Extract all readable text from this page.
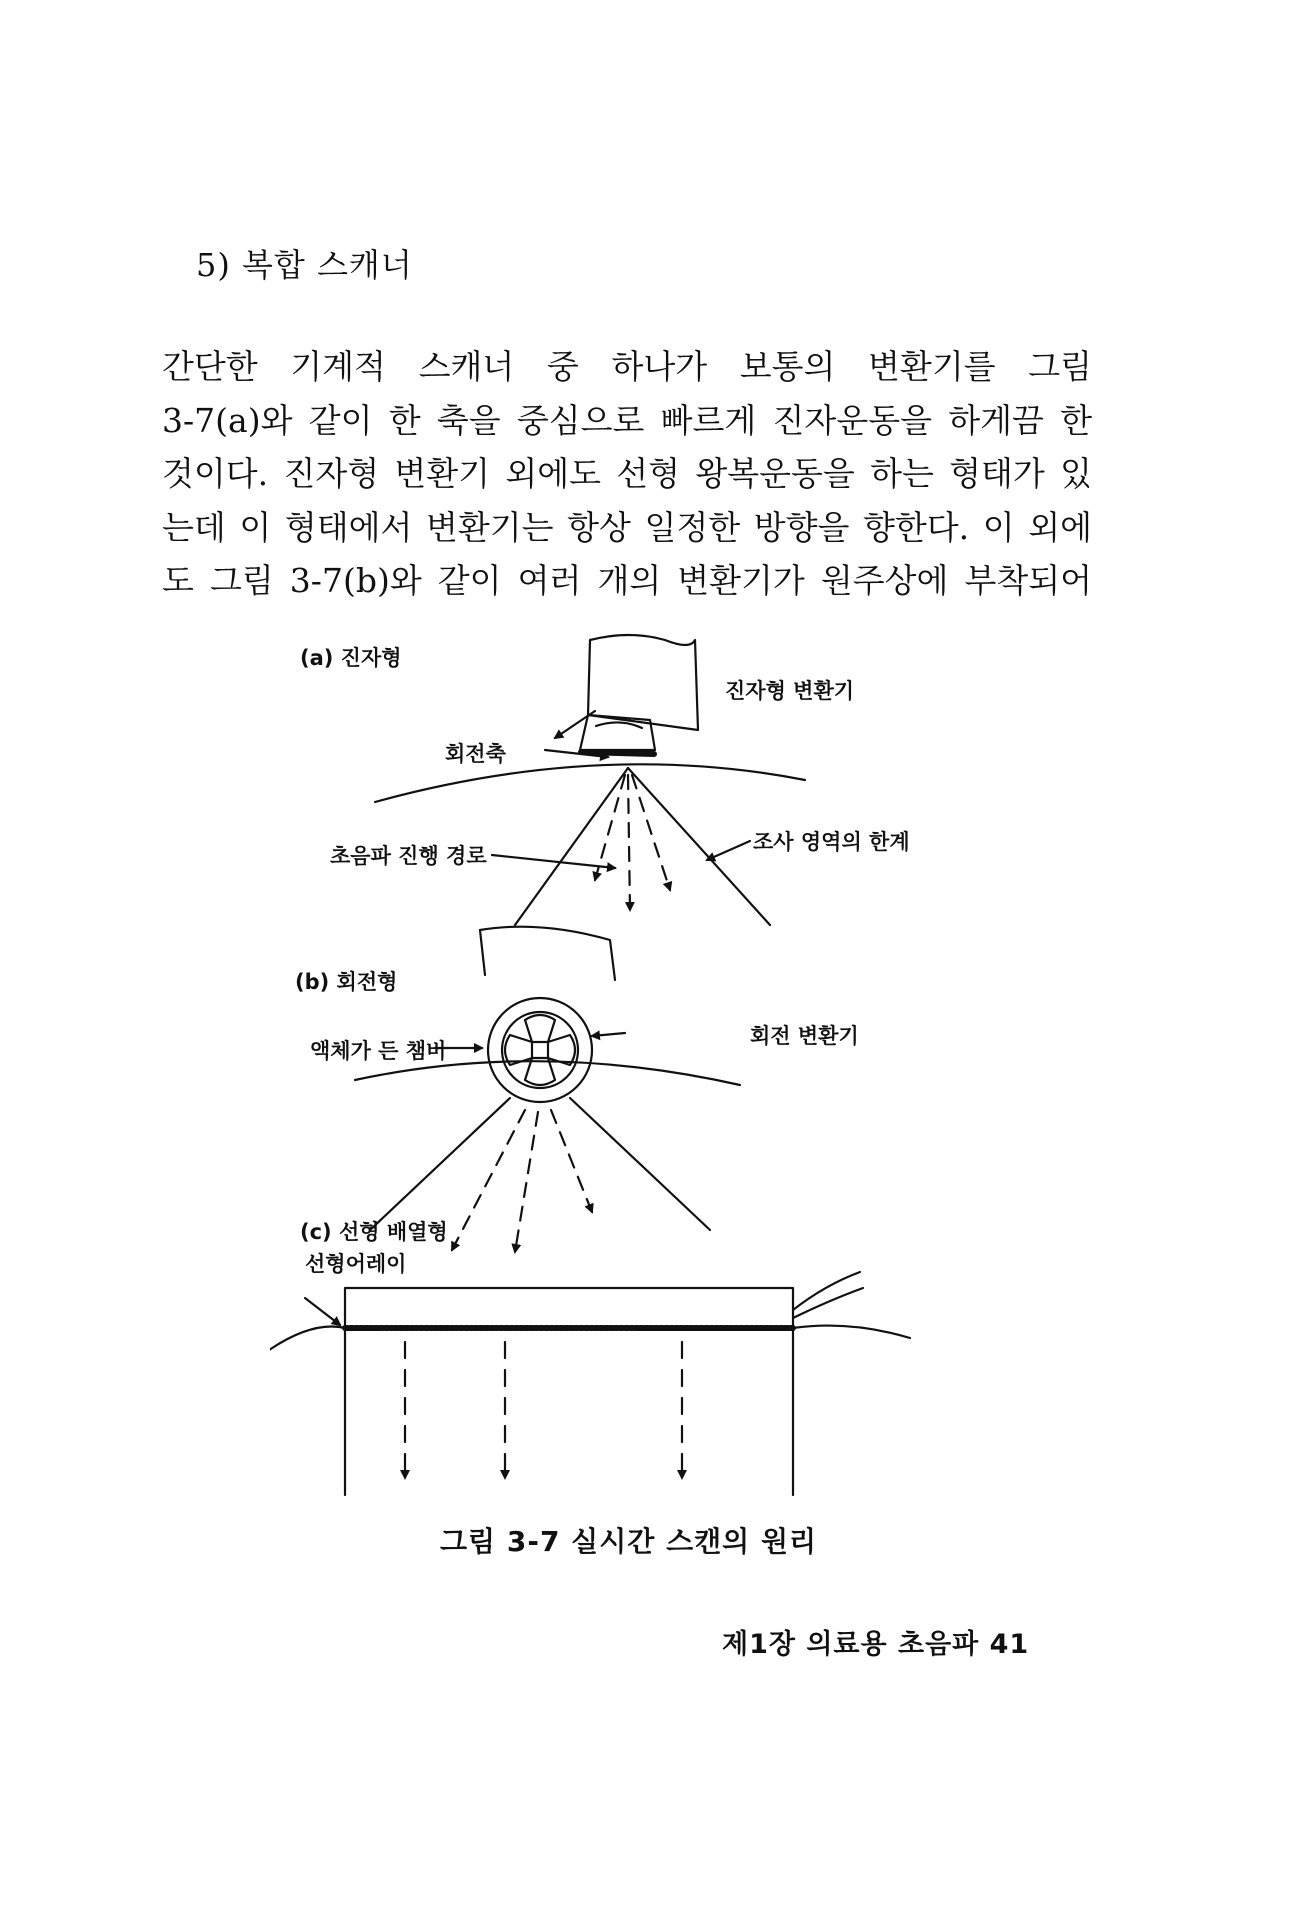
5) 복합 스캐너

간단한 기계적 스캐너 중 하나가 보통의 변환기를 그림
3-7(a)와 같이 한 축을 중심으로 빠르게 진자운동을 하게끔 한
것이다. 진자형 변환기 외에도 선형 왕복운동을 하는 형태가 있
는데 이 형태에서 변환기는 항상 일정한 방향을 향한다. 이 외에
도 그림 3-7(b)와 같이 여러 개의 변환기가 원주상에 부착되어

(a) 진자형
진자형 변환기
회전축
초음파 진행 경로
조사 영역의 한계
(b) 회전형
액체가 든 챔버
회전 변환기
(c) 선형 배열형
선형어레이
그림 3-7 실시간 스캔의 원리
제1장 의료용 초음파 41
